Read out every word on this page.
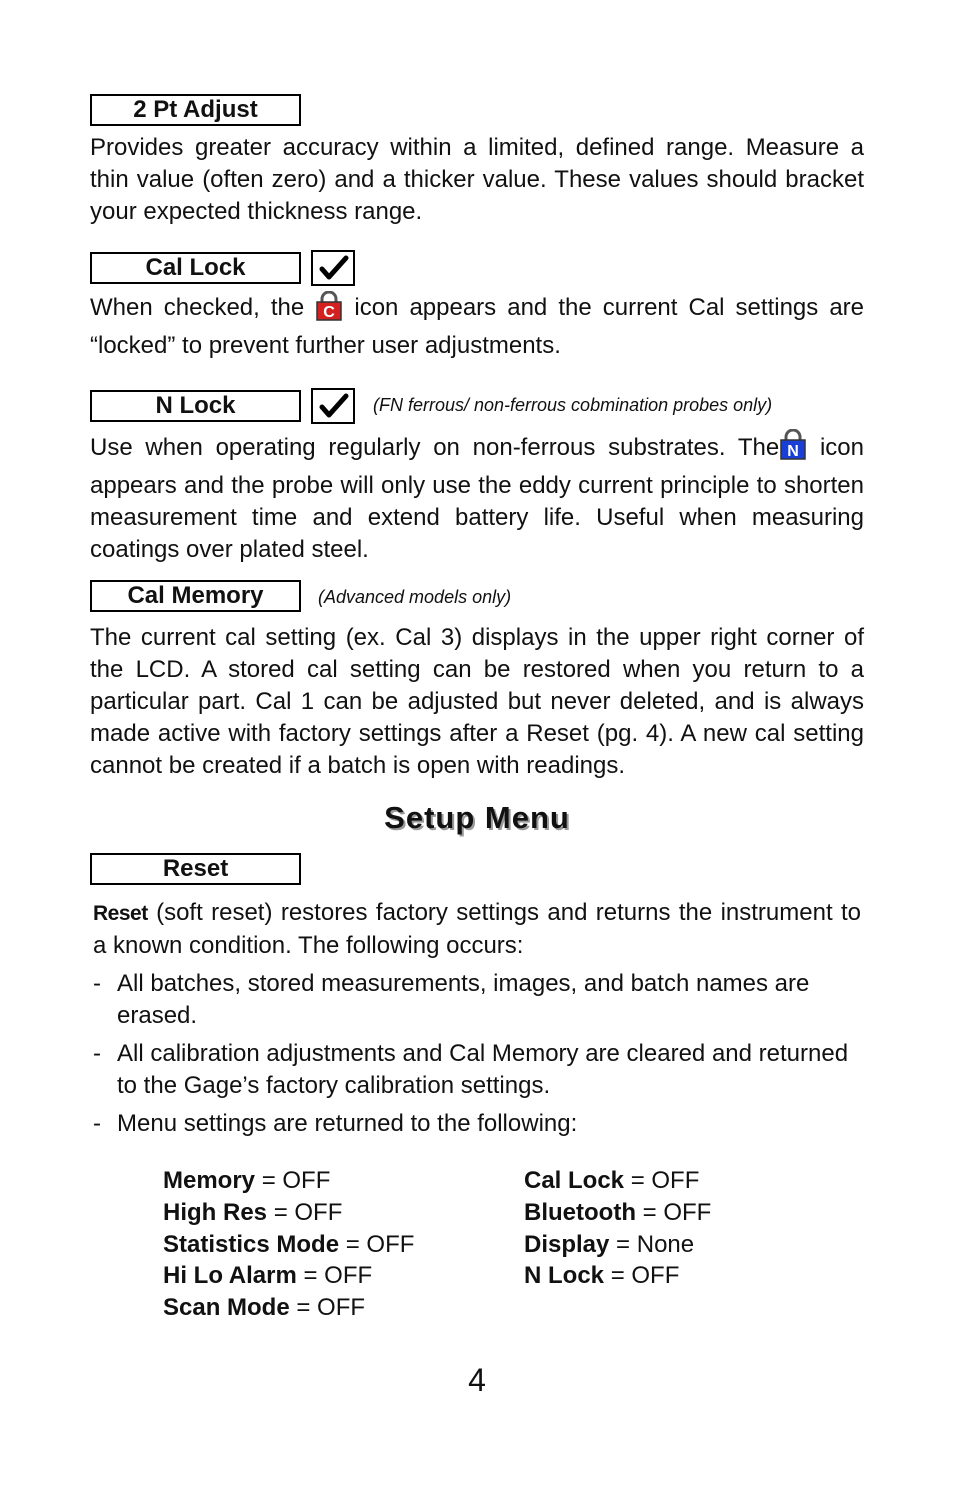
2 Pt Adjust
Provides greater accuracy within a limited, defined range. Measure a thin value (often zero) and a thicker value. These values should bracket your expected thickness range.
Cal Lock
When checked, the C icon appears and the current Cal settings are “locked” to prevent further user adjustments.
N Lock	(FN ferrous/ non-ferrous cobmination probes only)
Use when operating regularly on non-ferrous substrates. The N icon appears and the probe will only use the eddy current principle to shorten measurement time and extend battery life. Useful when measuring coatings over plated steel.
Cal Memory	(Advanced models only)
The current cal setting (ex. Cal 3) displays in the upper right corner of the LCD. A stored cal setting can be restored when you return to a particular part. Cal 1 can be adjusted but never deleted, and is always made active with factory settings after a Reset (pg. 4). A new cal setting cannot be created if a batch is open with readings.
Setup Menu
Reset
Reset (soft reset) restores factory settings and returns the instrument to a known condition. The following occurs:
- All batches, stored measurements, images, and batch names are erased.
- All calibration adjustments and Cal Memory are cleared and returned to the Gage’s factory calibration settings.
- Menu settings are returned to the following:
Memory = OFF
High Res = OFF
Statistics Mode = OFF
Hi Lo Alarm = OFF
Scan Mode = OFF
Cal Lock = OFF
Bluetooth = OFF
Display = None
N Lock = OFF
4
